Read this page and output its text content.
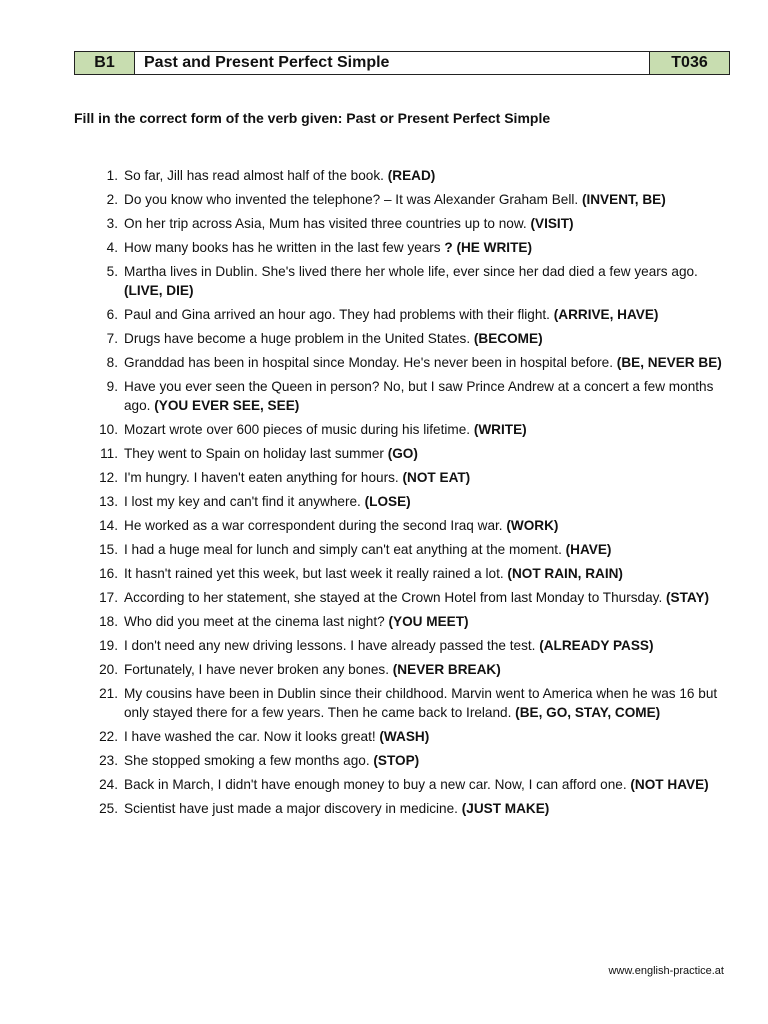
B1	Past and Present Perfect Simple	T036
Fill in the correct form of the verb given: Past or Present Perfect Simple
1. So far, Jill has read almost half of the book. (READ)
2. Do you know who invented the telephone? – It was Alexander Graham Bell. (INVENT, BE)
3. On her trip across Asia, Mum has visited three countries up to now. (VISIT)
4. How many books has he written in the last few years ? (HE WRITE)
5. Martha lives in Dublin. She's lived there her whole life, ever since her dad died a few years ago. (LIVE, DIE)
6. Paul and Gina arrived an hour ago. They had problems with their flight. (ARRIVE, HAVE)
7. Drugs have become a huge problem in the United States. (BECOME)
8. Granddad has been in hospital since Monday. He's never been in hospital before. (BE, NEVER BE)
9. Have you ever seen the Queen in person? No, but I saw Prince Andrew at a concert a few months ago. (YOU EVER SEE, SEE)
10. Mozart wrote over 600 pieces of music during his lifetime. (WRITE)
11. They went to Spain on holiday last summer (GO)
12. I'm hungry. I haven't eaten anything for hours. (NOT EAT)
13. I lost my key and can't find it anywhere. (LOSE)
14. He worked as a war correspondent during the second Iraq war. (WORK)
15. I had a huge meal for lunch and simply can't eat anything at the moment. (HAVE)
16. It hasn't rained yet this week, but last week it really rained a lot. (NOT RAIN, RAIN)
17. According to her statement, she stayed at the Crown Hotel from last Monday to Thursday. (STAY)
18. Who did you meet at the cinema last night? (YOU MEET)
19. I don't need any new driving lessons. I have already passed the test. (ALREADY PASS)
20. Fortunately, I have never broken any bones. (NEVER BREAK)
21. My cousins have been in Dublin since their childhood. Marvin went to America when he was 16 but only stayed there for a few years. Then he came back to Ireland. (BE, GO, STAY, COME)
22. I have washed the car. Now it looks great! (WASH)
23. She stopped smoking a few months ago. (STOP)
24. Back in March, I didn't have enough money to buy a new car. Now, I can afford one. (NOT HAVE)
25. Scientist have just made a major discovery in medicine. (JUST MAKE)
www.english-practice.at
